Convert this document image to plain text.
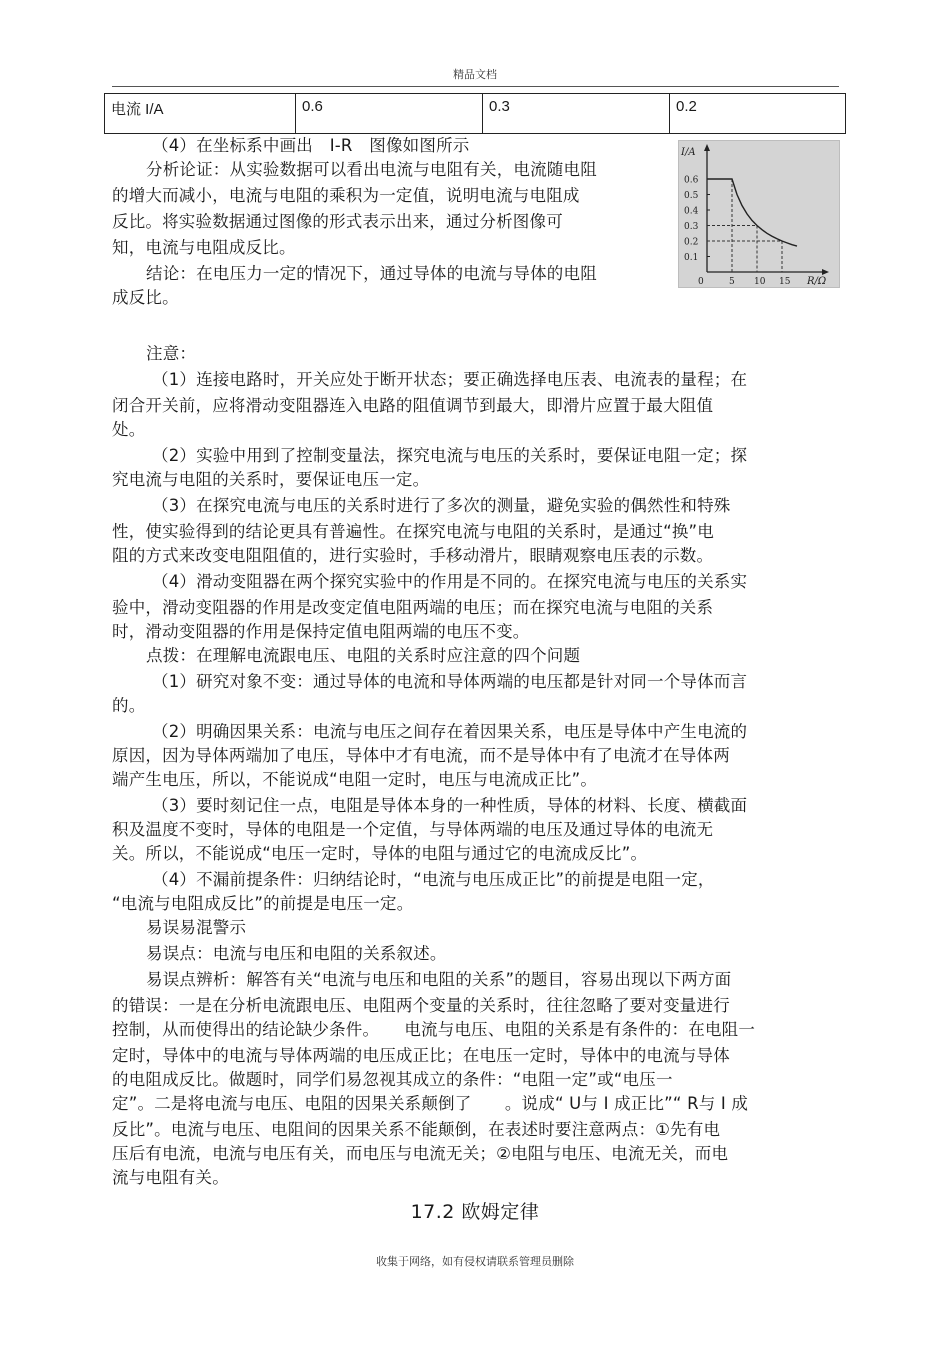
精品文档
电流 I/A	0.6	0.3	0.2
I/A
R/Ω
0.1
0.2
0.3
0.4
0.5
0.6
0	5 10 15
（4）在坐标系中画出　I-R　图像如图所示
分析论证：从实验数据可以看出电流与电阻有关，电流随电阻
的增大而减小，电流与电阻的乘积为一定值，说明电流与电阻成
反比。将实验数据通过图像的形式表示出来，通过分析图像可
知，电流与电阻成反比。
结论：在电压力一定的情况下，通过导体的电流与导体的电阻
成反比。
注意：
（1）连接电路时，开关应处于断开状态；要正确选择电压表、电流表的量程；在
闭合开关前，应将滑动变阻器连入电路的阻值调节到最大，即滑片应置于最大阻值
处。
（2）实验中用到了控制变量法，探究电流与电压的关系时，要保证电阻一定；探
究电流与电阻的关系时，要保证电压一定。
（3）在探究电流与电压的关系时进行了多次的测量，避免实验的偶然性和特殊
性，使实验得到的结论更具有普遍性。在探究电流与电阻的关系时，是通过“换”电
阻的方式来改变电阻阻值的，进行实验时，手移动滑片，眼睛观察电压表的示数。
（4）滑动变阻器在两个探究实验中的作用是不同的。在探究电流与电压的关系实
验中，滑动变阻器的作用是改变定值电阻两端的电压；而在探究电流与电阻的关系
时，滑动变阻器的作用是保持定值电阻两端的电压不变。
点拨：在理解电流跟电压、电阻的关系时应注意的四个问题
（1）研究对象不变：通过导体的电流和导体两端的电压都是针对同一个导体而言
的。
（2）明确因果关系：电流与电压之间存在着因果关系，电压是导体中产生电流的
原因，因为导体两端加了电压，导体中才有电流，而不是导体中有了电流才在导体两
端产生电压，所以，不能说成“电阻一定时，电压与电流成正比”。
（3）要时刻记住一点，电阻是导体本身的一种性质，导体的材料、长度、横截面
积及温度不变时，导体的电阻是一个定值，与导体两端的电压及通过导体的电流无
关。所以，不能说成“电压一定时，导体的电阻与通过它的电流成反比”。
（4）不漏前提条件：归纳结论时，“电流与电压成正比”的前提是电阻一定，
“电流与电阻成反比”的前提是电压一定。
易误易混警示
易误点：电流与电压和电阻的关系叙述。
易误点辨析：解答有关“电流与电压和电阻的关系”的题目，容易出现以下两方面
的错误：一是在分析电流跟电压、电阻两个变量的关系时，往往忽略了要对变量进行
控制，从而使得出的结论缺少条件。　　电流与电压、电阻的关系是有条件的：在电阻一
定时，导体中的电流与导体两端的电压成正比；在电压一定时，导体中的电流与导体
的电阻成反比。做题时，同学们易忽视其成立的条件：“电阻一定”或“电压一
定”。二是将电流与电压、电阻的因果关系颠倒了　　。说成“ U与 I 成正比”“ R与 I 成
反比”。电流与电压、电阻间的因果关系不能颠倒，在表述时要注意两点：①先有电
压后有电流，电流与电压有关，而电压与电流无关；②电阻与电压、电流无关，而电
流与电阻有关。
17.2 欧姆定律
收集于网络，如有侵权请联系管理员删除
